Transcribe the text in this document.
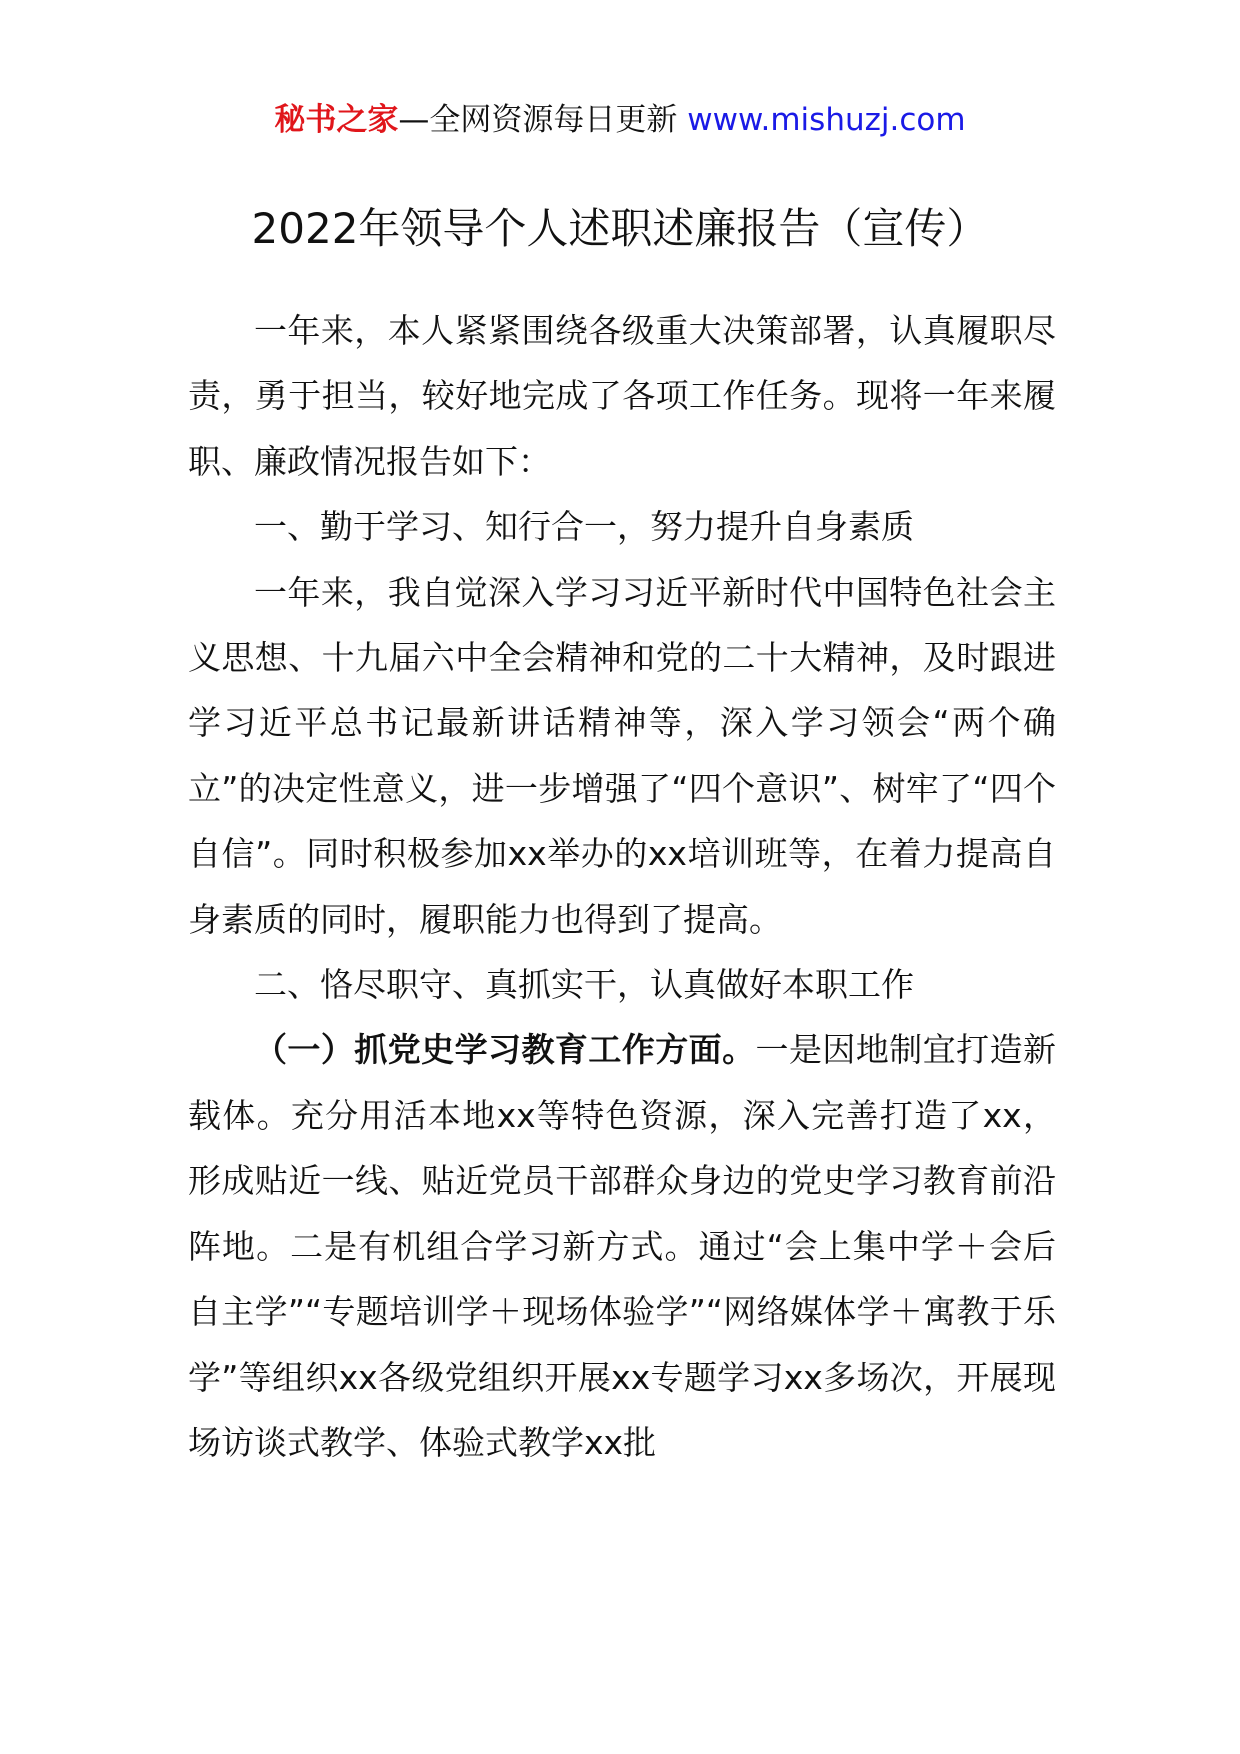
秘书之家—全网资源每日更新 www.mishuzj.com
2022年领导个人述职述廉报告（宣传）

一年来，本人紧紧围绕各级重大决策部署，认真履职尽责，勇于担当，较好地完成了各项工作任务。现将一年来履职、廉政情况报告如下：

一、勤于学习、知行合一，努力提升自身素质

一年来，我自觉深入学习习近平新时代中国特色社会主义思想、十九届六中全会精神和党的二十大精神，及时跟进学习近平总书记最新讲话精神等，深入学习领会“两个确立”的决定性意义，进一步增强了“四个意识”、树牢了“四个自信”。同时积极参加xx举办的xx培训班等，在着力提高自身素质的同时，履职能力也得到了提高。

二、恪尽职守、真抓实干，认真做好本职工作

（一）抓党史学习教育工作方面。一是因地制宜打造新载体。充分用活本地xx等特色资源，深入完善打造了xx，形成贴近一线、贴近党员干部群众身边的党史学习教育前沿阵地。二是有机组合学习新方式。通过“会上集中学＋会后自主学”“专题培训学＋现场体验学”“网络媒体学＋寓教于乐学”等组织xx各级党组织开展xx专题学习xx多场次，开展现场访谈式教学、体验式教学xx批
